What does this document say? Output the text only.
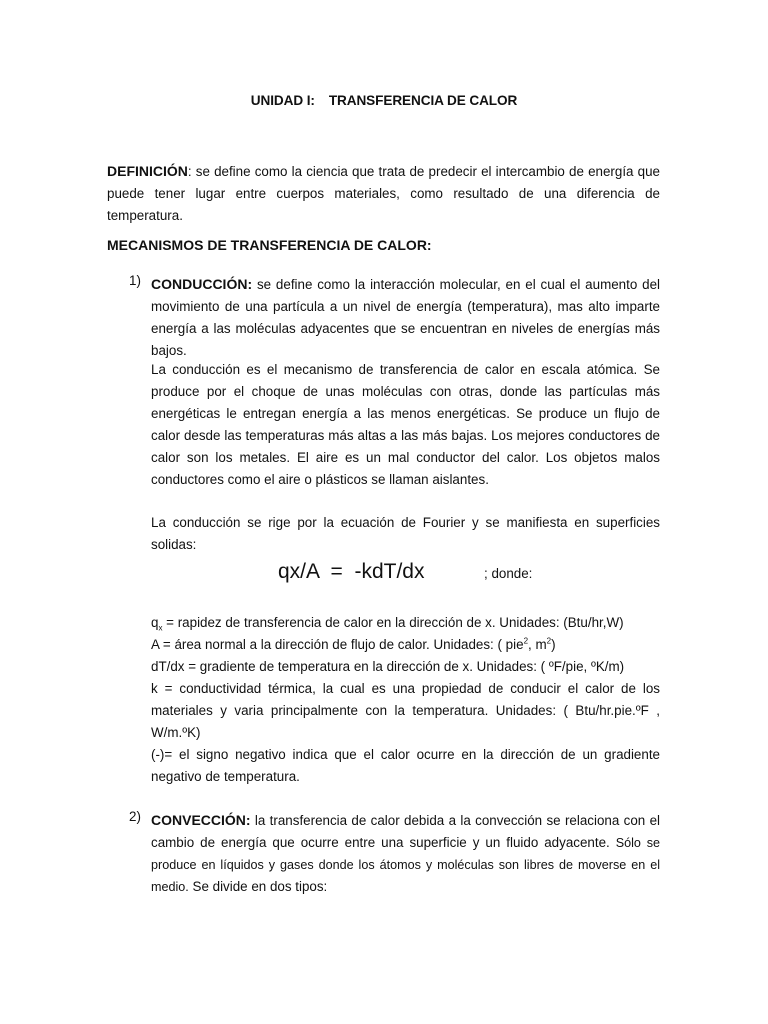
UNIDAD I: TRANSFERENCIA DE CALOR
DEFINICIÓN: se define como la ciencia que trata de predecir el intercambio de energía que puede tener lugar entre cuerpos materiales, como resultado de una diferencia de temperatura.
MECANISMOS DE TRANSFERENCIA DE CALOR:
1) CONDUCCIÓN: se define como la interacción molecular, en el cual el aumento del movimiento de una partícula a un nivel de energía (temperatura), mas alto imparte energía a las moléculas adyacentes que se encuentran en niveles de energías más bajos.
La conducción es el mecanismo de transferencia de calor en escala atómica. Se produce por el choque de unas moléculas con otras, donde las partículas más energéticas le entregan energía a las menos energéticas. Se produce un flujo de calor desde las temperaturas más altas a las más bajas. Los mejores conductores de calor son los metales. El aire es un mal conductor del calor. Los objetos malos conductores como el aire o plásticos se llaman aislantes.
La conducción se rige por la ecuación de Fourier y se manifiesta en superficies solidas:
qx/A  =  -kdT/dx	; donde:
$q_x$ = rapidez de transferencia de calor en la dirección de x. Unidades: (Btu/hr,W)
A = área normal a la dirección de flujo de calor. Unidades: ( pie$^2$, $m^2$)
dT/dx = gradiente de temperatura en la dirección de x. Unidades: ( ºF/pie, ºK/m)
k = conductividad térmica, la cual es una propiedad de conducir el calor de los materiales y varia principalmente con la temperatura. Unidades: ( Btu/hr.pie.ºF , W/m.ºK)
(-)= el signo negativo indica que el calor ocurre en la dirección de un gradiente negativo de temperatura.
2) CONVECCIÓN: la transferencia de calor debida a la convección se relaciona con el cambio de energía que ocurre entre una superficie y un fluido adyacente. Sólo se produce en líquidos y gases donde los átomos y moléculas son libres de moverse en el medio. Se divide en dos tipos:
